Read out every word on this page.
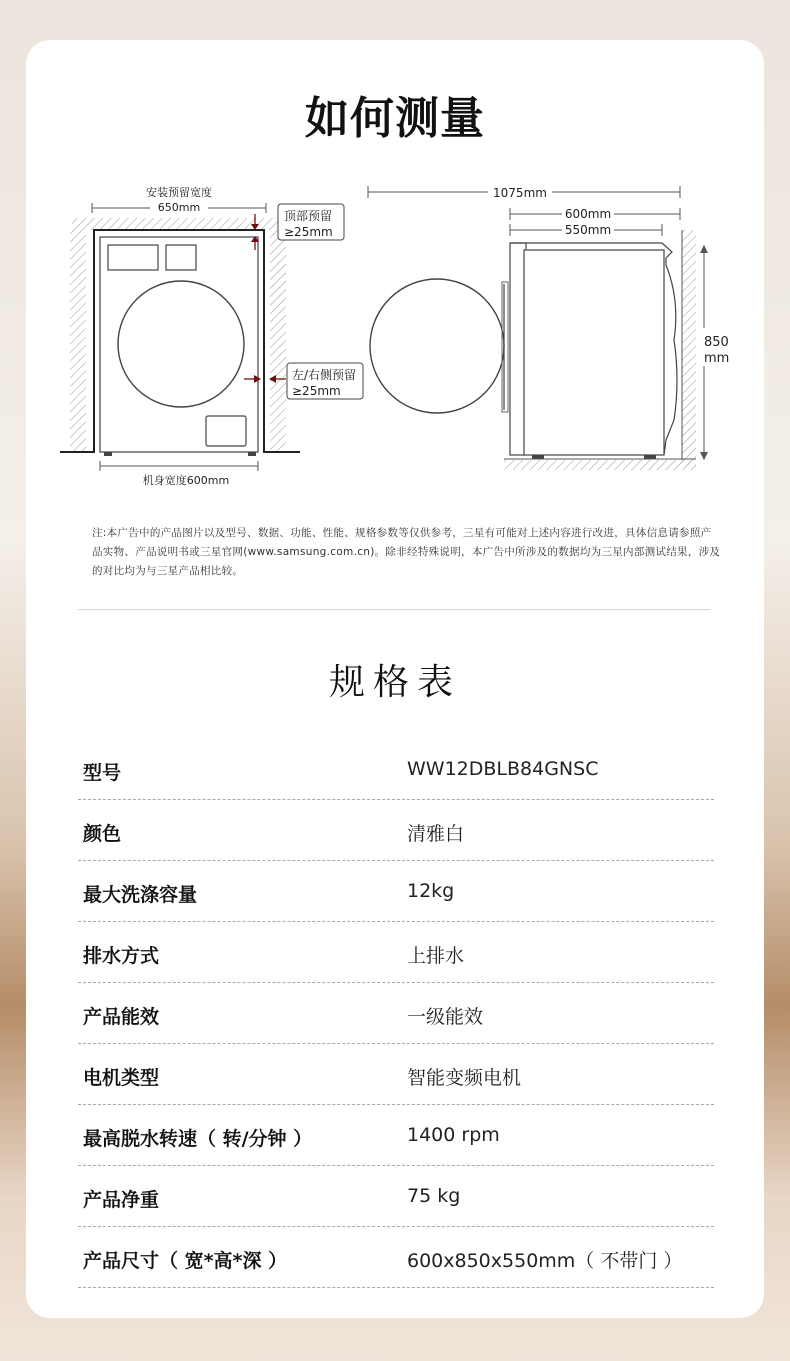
如何测量
安装预留宽度
650mm
顶部预留
≥25mm
左/右侧预留
≥25mm
机身宽度600mm
1075mm
600mm
550mm
850
mm
注:本广告中的产品图片以及型号、数据、功能、性能、规格参数等仅供参考，三星有可能对上述内容进行改进，具体信息请参照产品实物、产品说明书或三星官网(www.samsung.com.cn)。除非经特殊说明，本广告中所涉及的数据均为三星内部测试结果，涉及的对比均为与三星产品相比较。
规格表
型号	WW12DBLB84GNSC
颜色	清雅白
最大洗涤容量	12kg
排水方式	上排水
产品能效	一级能效
电机类型	智能变频电机
最高脱水转速（ 转/分钟 ）	1400 rpm
产品净重	75 kg
产品尺寸（ 宽*高*深 ）	600x850x550mm（ 不带门 ）
